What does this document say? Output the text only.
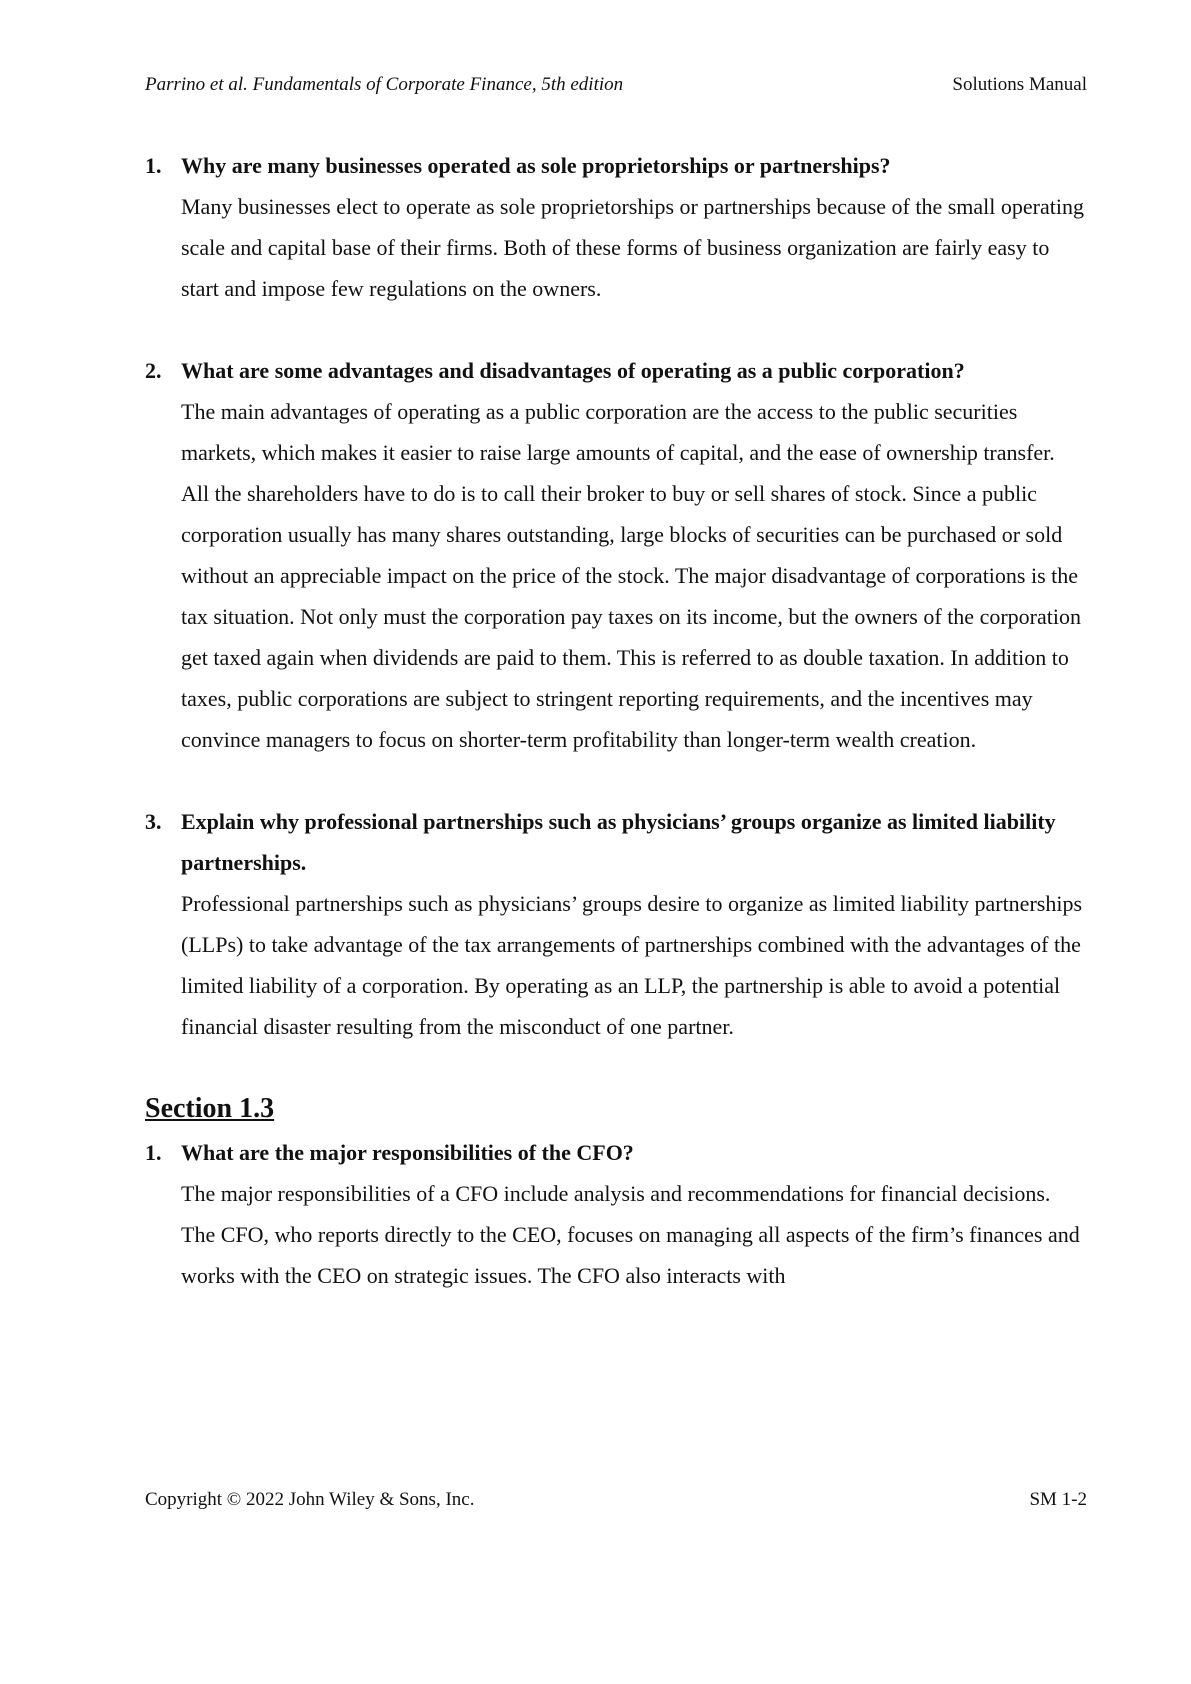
Parrino et al. Fundamentals of Corporate Finance, 5th edition	Solutions Manual
1. Why are many businesses operated as sole proprietorships or partnerships?
Many businesses elect to operate as sole proprietorships or partnerships because of the small operating scale and capital base of their firms. Both of these forms of business organization are fairly easy to start and impose few regulations on the owners.
2. What are some advantages and disadvantages of operating as a public corporation?
The main advantages of operating as a public corporation are the access to the public securities markets, which makes it easier to raise large amounts of capital, and the ease of ownership transfer. All the shareholders have to do is to call their broker to buy or sell shares of stock. Since a public corporation usually has many shares outstanding, large blocks of securities can be purchased or sold without an appreciable impact on the price of the stock. The major disadvantage of corporations is the tax situation. Not only must the corporation pay taxes on its income, but the owners of the corporation get taxed again when dividends are paid to them. This is referred to as double taxation. In addition to taxes, public corporations are subject to stringent reporting requirements, and the incentives may convince managers to focus on shorter-term profitability than longer-term wealth creation.
3. Explain why professional partnerships such as physicians’ groups organize as limited liability partnerships.
Professional partnerships such as physicians’ groups desire to organize as limited liability partnerships (LLPs) to take advantage of the tax arrangements of partnerships combined with the advantages of the limited liability of a corporation. By operating as an LLP, the partnership is able to avoid a potential financial disaster resulting from the misconduct of one partner.
Section 1.3
1. What are the major responsibilities of the CFO?
The major responsibilities of a CFO include analysis and recommendations for financial decisions. The CFO, who reports directly to the CEO, focuses on managing all aspects of the firm’s finances and works with the CEO on strategic issues. The CFO also interacts with
Copyright © 2022 John Wiley & Sons, Inc.	SM 1-2
